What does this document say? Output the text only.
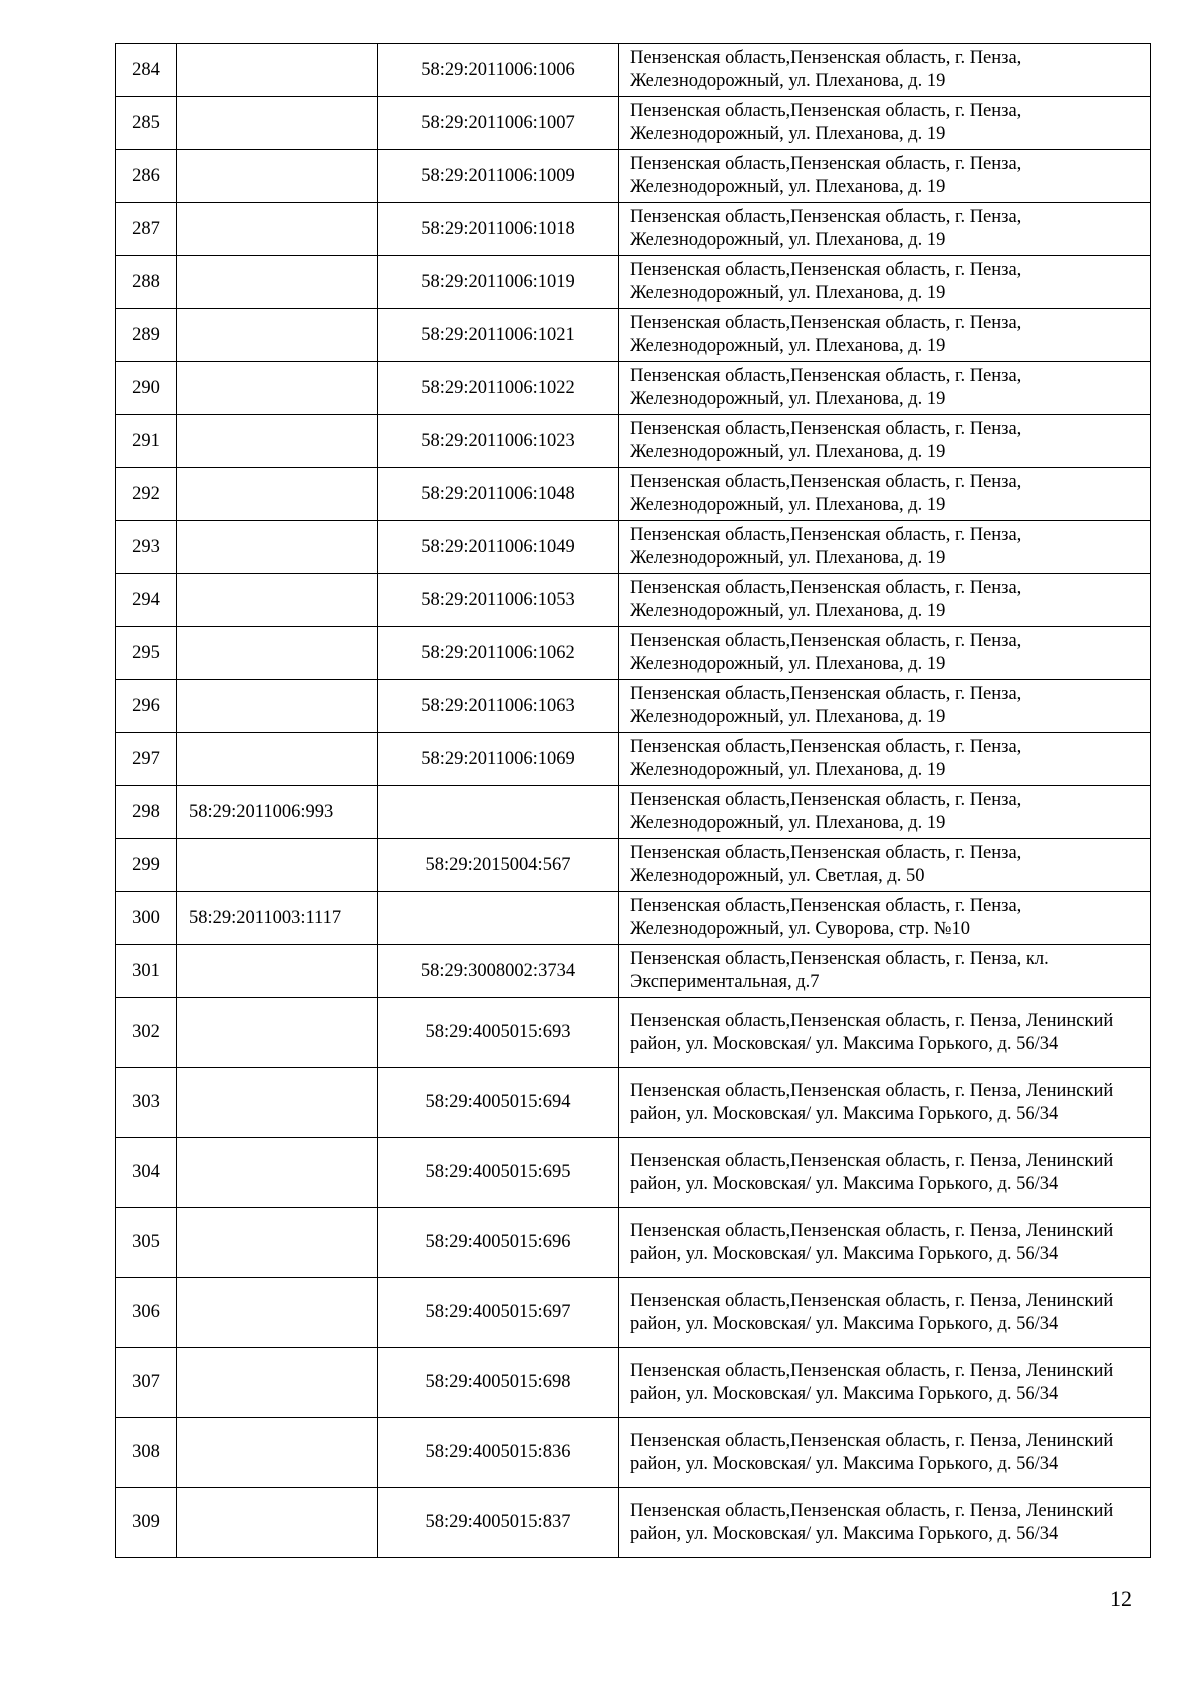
284		58:29:2011006:1006	Пензенская область,Пензенская область, г. Пенза, Железнодорожный, ул. Плеханова, д. 19
285		58:29:2011006:1007	Пензенская область,Пензенская область, г. Пенза, Железнодорожный, ул. Плеханова, д. 19
286		58:29:2011006:1009	Пензенская область,Пензенская область, г. Пенза, Железнодорожный, ул. Плеханова, д. 19
287		58:29:2011006:1018	Пензенская область,Пензенская область, г. Пенза, Железнодорожный, ул. Плеханова, д. 19
288		58:29:2011006:1019	Пензенская область,Пензенская область, г. Пенза, Железнодорожный, ул. Плеханова, д. 19
289		58:29:2011006:1021	Пензенская область,Пензенская область, г. Пенза, Железнодорожный, ул. Плеханова, д. 19
290		58:29:2011006:1022	Пензенская область,Пензенская область, г. Пенза, Железнодорожный, ул. Плеханова, д. 19
291		58:29:2011006:1023	Пензенская область,Пензенская область, г. Пенза, Железнодорожный, ул. Плеханова, д. 19
292		58:29:2011006:1048	Пензенская область,Пензенская область, г. Пенза, Железнодорожный, ул. Плеханова, д. 19
293		58:29:2011006:1049	Пензенская область,Пензенская область, г. Пенза, Железнодорожный, ул. Плеханова, д. 19
294		58:29:2011006:1053	Пензенская область,Пензенская область, г. Пенза, Железнодорожный, ул. Плеханова, д. 19
295		58:29:2011006:1062	Пензенская область,Пензенская область, г. Пенза, Железнодорожный, ул. Плеханова, д. 19
296		58:29:2011006:1063	Пензенская область,Пензенская область, г. Пенза, Железнодорожный, ул. Плеханова, д. 19
297		58:29:2011006:1069	Пензенская область,Пензенская область, г. Пенза, Железнодорожный, ул. Плеханова, д. 19
298	58:29:2011006:993		Пензенская область,Пензенская область, г. Пенза, Железнодорожный, ул. Плеханова, д. 19
299		58:29:2015004:567	Пензенская область,Пензенская область, г. Пенза, Железнодорожный, ул. Светлая, д. 50
300	58:29:2011003:1117		Пензенская область,Пензенская область, г. Пенза, Железнодорожный, ул. Суворова, стр. №10
301		58:29:3008002:3734	Пензенская область,Пензенская область, г. Пенза, кл. Экспериментальная, д.7
302		58:29:4005015:693	Пензенская область,Пензенская область, г. Пенза, Ленинский район, ул. Московская/ ул. Максима Горького, д. 56/34
303		58:29:4005015:694	Пензенская область,Пензенская область, г. Пенза, Ленинский район, ул. Московская/ ул. Максима Горького, д. 56/34
304		58:29:4005015:695	Пензенская область,Пензенская область, г. Пенза, Ленинский район, ул. Московская/ ул. Максима Горького, д. 56/34
305		58:29:4005015:696	Пензенская область,Пензенская область, г. Пенза, Ленинский район, ул. Московская/ ул. Максима Горького, д. 56/34
306		58:29:4005015:697	Пензенская область,Пензенская область, г. Пенза, Ленинский район, ул. Московская/ ул. Максима Горького, д. 56/34
307		58:29:4005015:698	Пензенская область,Пензенская область, г. Пенза, Ленинский район, ул. Московская/ ул. Максима Горького, д. 56/34
308		58:29:4005015:836	Пензенская область,Пензенская область, г. Пенза, Ленинский район, ул. Московская/ ул. Максима Горького, д. 56/34
309		58:29:4005015:837	Пензенская область,Пензенская область, г. Пенза, Ленинский район, ул. Московская/ ул. Максима Горького, д. 56/34
12
